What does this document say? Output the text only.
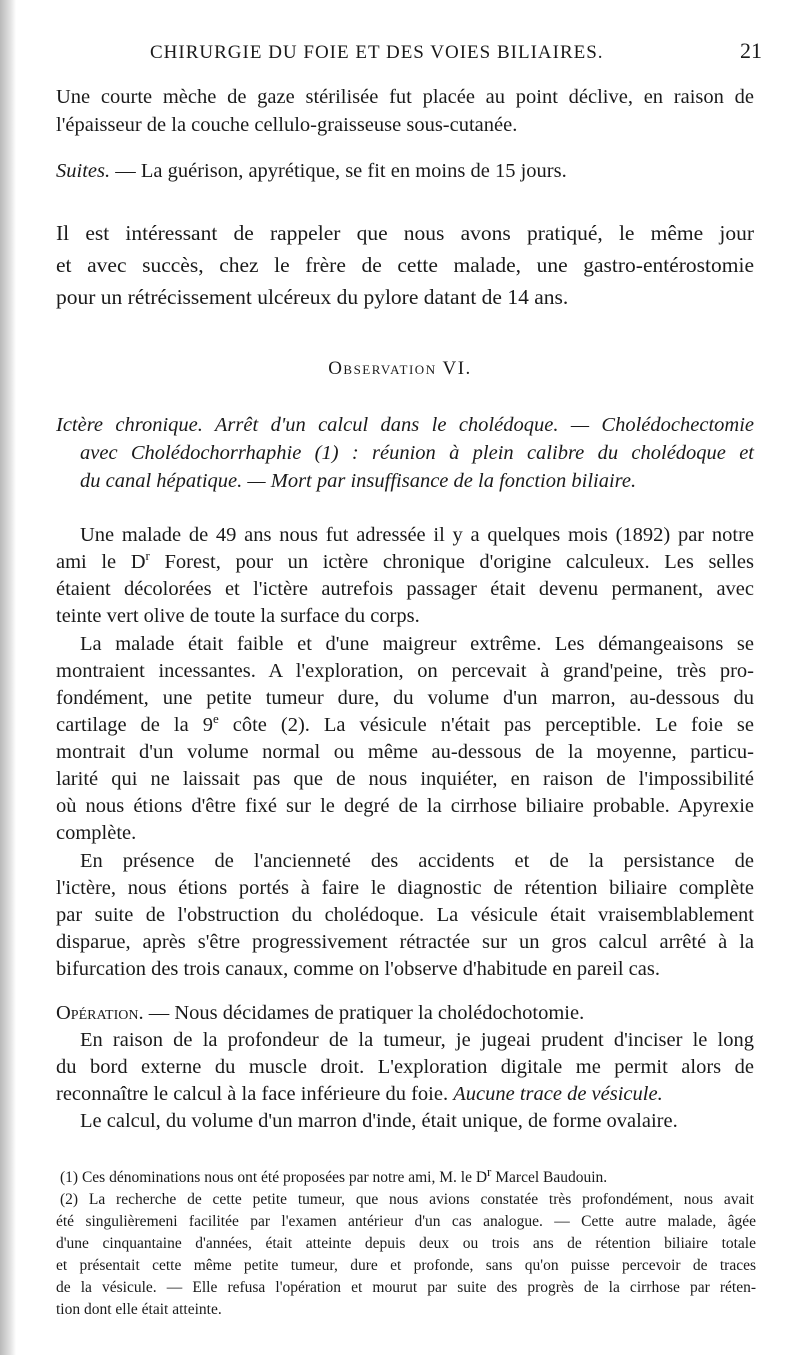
CHIRURGIE DU FOIE ET DES VOIES BILIAIRES.	21
Une courte mèche de gaze stérilisée fut placée au point déclive, en raison de
l'épaisseur de la couche cellulo-graisseuse sous-cutanée.
Suites. — La guérison, apyrétique, se fit en moins de 15 jours.
Il est intéressant de rappeler que nous avons pratiqué, le même jour
et avec succès, chez le frère de cette malade, une gastro-entérostomie
pour un rétrécissement ulcéreux du pylore datant de 14 ans.
Observation VI.
Ictère chronique. Arrêt d'un calcul dans le cholédoque. — Cholédochectomie
avec Cholédochorrhaphie (1) : réunion à plein calibre du cholédoque et
du canal hépatique. — Mort par insuffisance de la fonction biliaire.
Une malade de 49 ans nous fut adressée il y a quelques mois (1892) par notre
ami le $D^r$ Forest, pour un ictère chronique d'origine calculeux. Les selles
étaient décolorées et l'ictère autrefois passager était devenu permanent, avec
teinte vert olive de toute la surface du corps.
La malade était faible et d'une maigreur extrême. Les démangeaisons se
montraient incessantes. A l'exploration, on percevait à grand'peine, très pro-
fondément, une petite tumeur dure, du volume d'un marron, au-dessous du
cartilage de la 9e côte (2). La vésicule n'était pas perceptible. Le foie se
montrait d'un volume normal ou même au-dessous de la moyenne, particu-
larité qui ne laissait pas que de nous inquiéter, en raison de l'impossibilité
où nous étions d'être fixé sur le degré de la cirrhose biliaire probable. Apyrexie
complète.
En présence de l'ancienneté des accidents et de la persistance de
l'ictère, nous étions portés à faire le diagnostic de rétention biliaire complète
par suite de l'obstruction du cholédoque. La vésicule était vraisemblablement
disparue, après s'être progressivement rétractée sur un gros calcul arrêté à la
bifurcation des trois canaux, comme on l'observe d'habitude en pareil cas.
Opération. — Nous décidames de pratiquer la cholédochotomie.
En raison de la profondeur de la tumeur, je jugeai prudent d'inciser le long
du bord externe du muscle droit. L'exploration digitale me permit alors de
reconnaître le calcul à la face inférieure du foie. Aucune trace de vésicule.
Le calcul, du volume d'un marron d'inde, était unique, de forme ovalaire.
(1) Ces dénominations nous ont été proposées par notre ami, M. le $D^r$ Marcel Baudouin.
(2) La recherche de cette petite tumeur, que nous avions constatée très profondément, nous avait
été singulièremeni facilitée par l'examen antérieur d'un cas analogue. — Cette autre malade, âgée
d'une cinquantaine d'années, était atteinte depuis deux ou trois ans de rétention biliaire totale
et présentait cette même petite tumeur, dure et profonde, sans qu'on puisse percevoir de traces
de la vésicule. — Elle refusa l'opération et mourut par suite des progrès de la cirrhose par réten-
tion dont elle était atteinte.
